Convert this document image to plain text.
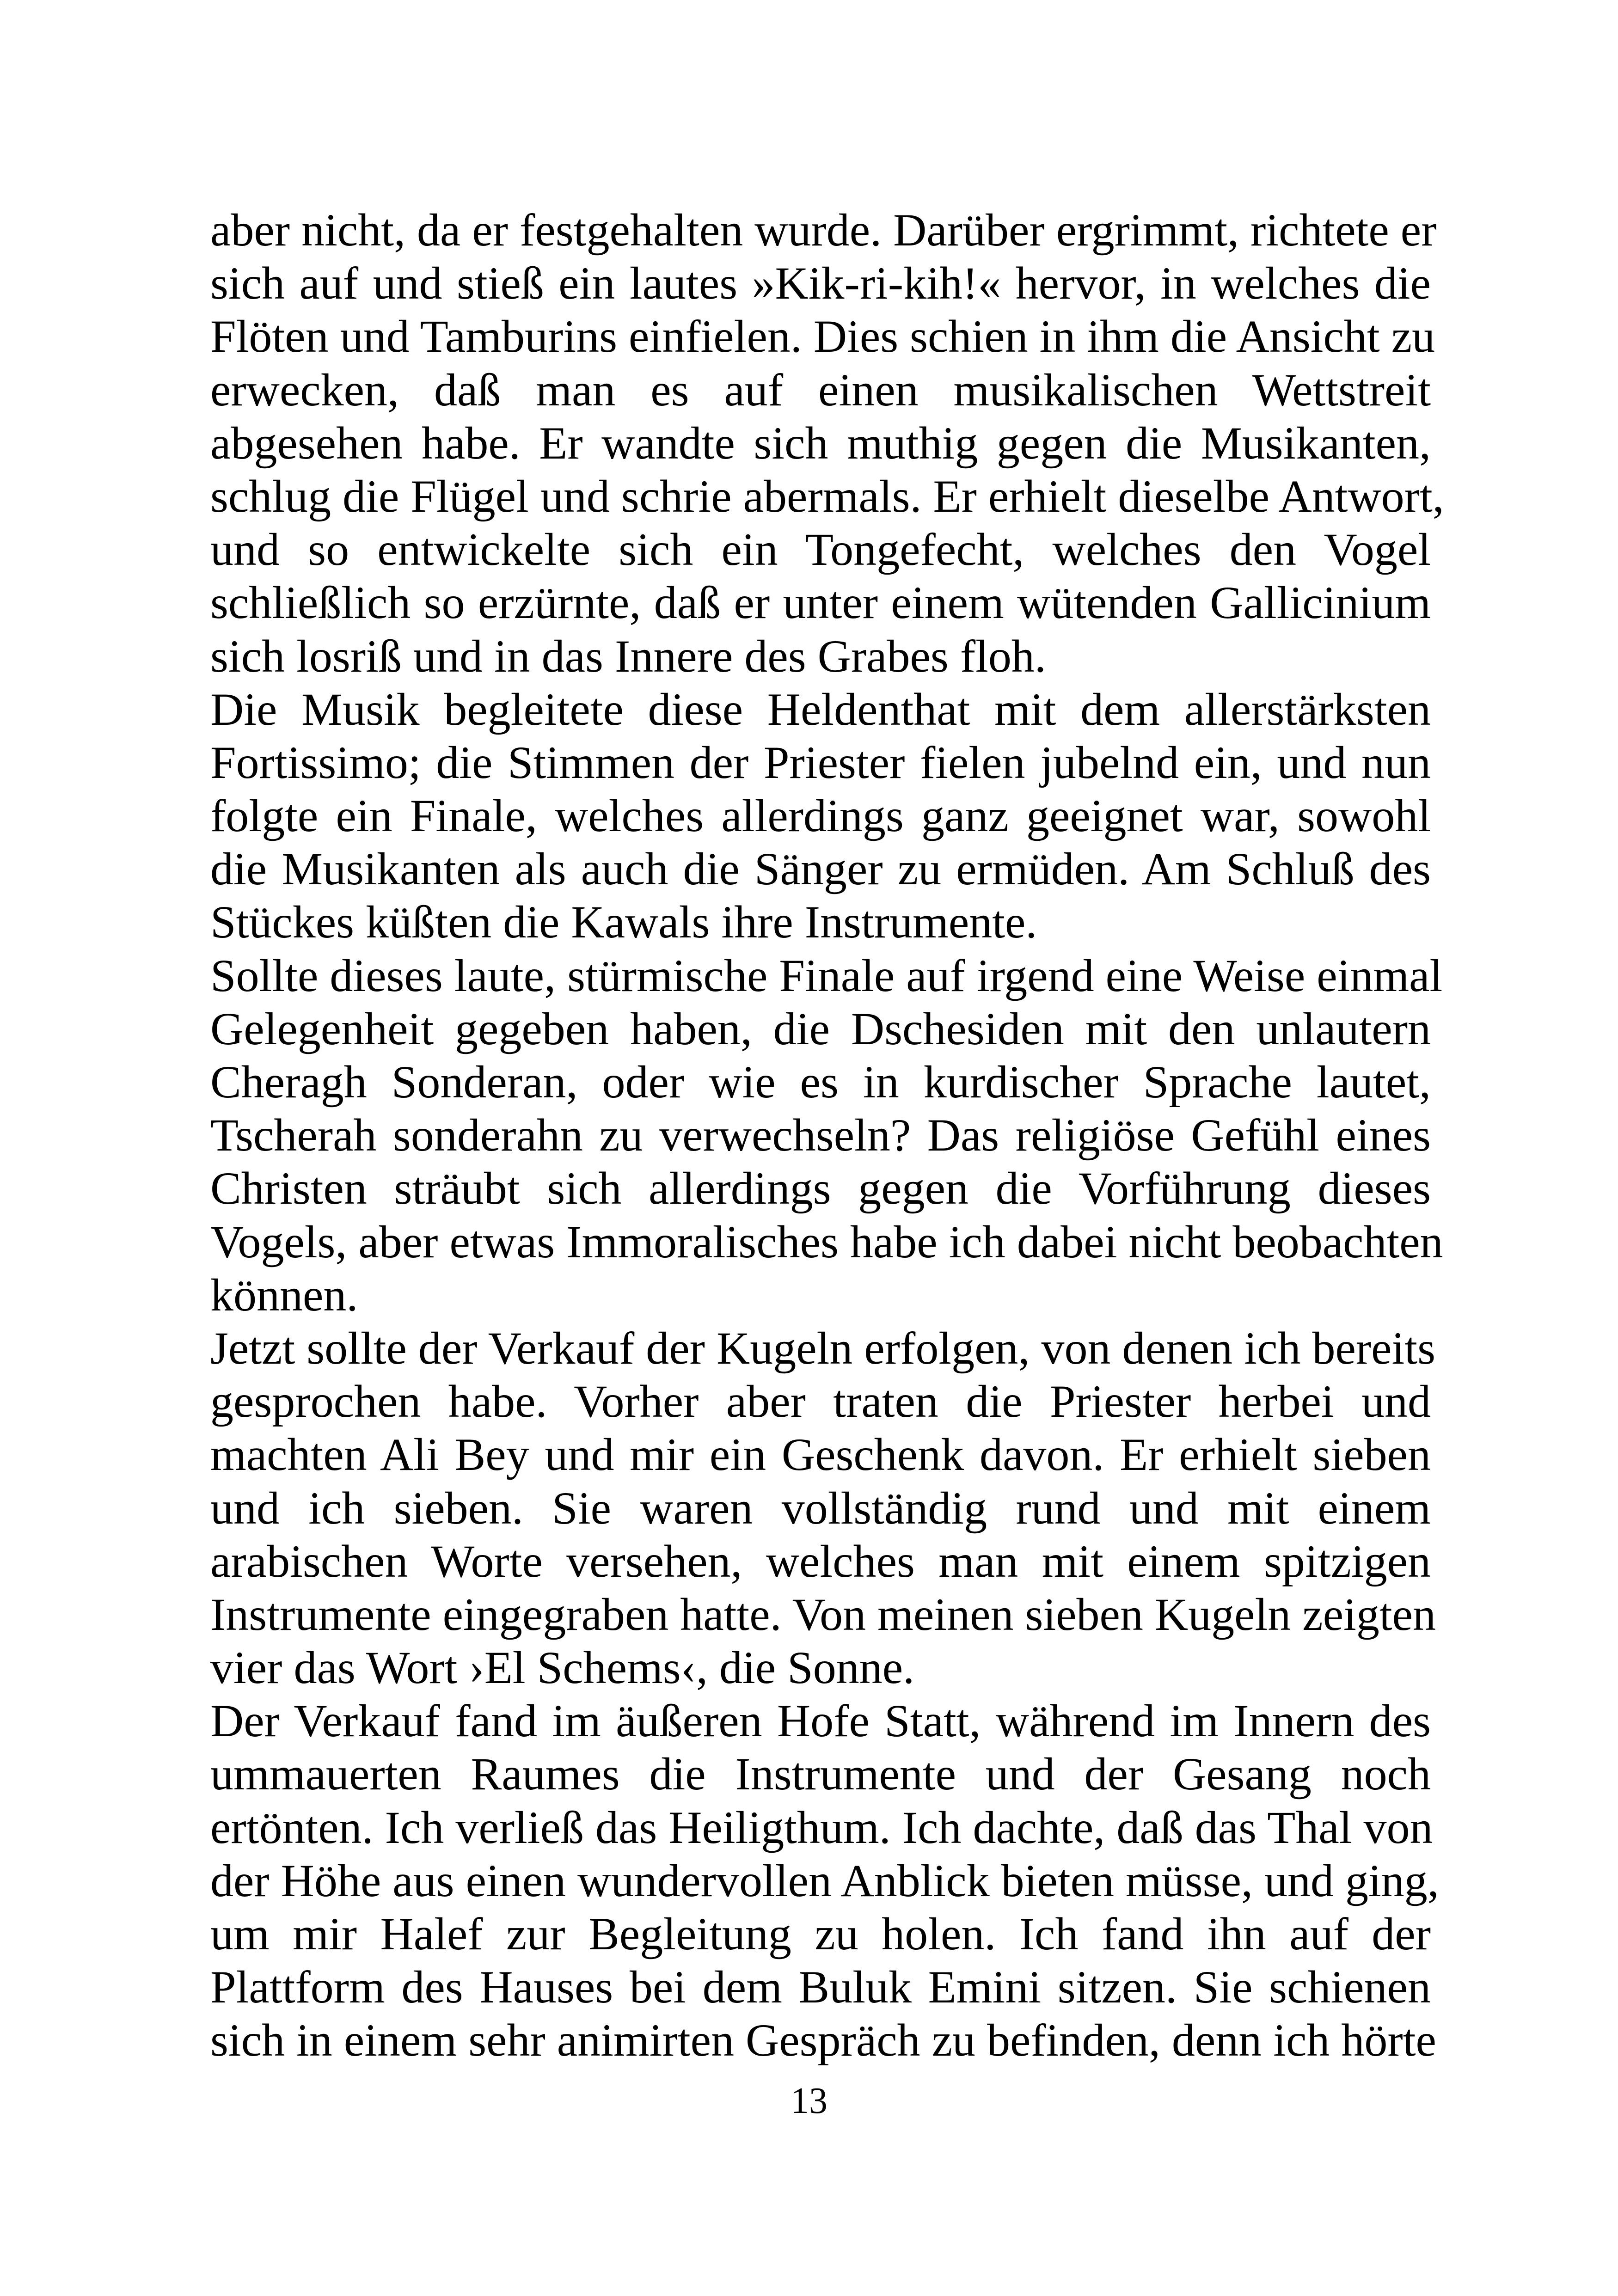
aber nicht, da er festgehalten wurde. Darüber ergrimmt, richtete er
sich auf und stieß ein lautes »Kik-ri-kih!« hervor, in welches die
Flöten und Tamburins einfielen. Dies schien in ihm die Ansicht zu
erwecken, daß man es auf einen musikalischen Wettstreit
abgesehen habe. Er wandte sich muthig gegen die Musikanten,
schlug die Flügel und schrie abermals. Er erhielt dieselbe Antwort,
und so entwickelte sich ein Tongefecht, welches den Vogel
schließlich so erzürnte, daß er unter einem wütenden Gallicinium
sich losriß und in das Innere des Grabes floh.

Die Musik begleitete diese Heldenthat mit dem allerstärksten
Fortissimo; die Stimmen der Priester fielen jubelnd ein, und nun
folgte ein Finale, welches allerdings ganz geeignet war, sowohl
die Musikanten als auch die Sänger zu ermüden. Am Schluß des
Stückes küßten die Kawals ihre Instrumente.

Sollte dieses laute, stürmische Finale auf irgend eine Weise einmal
Gelegenheit gegeben haben, die Dschesiden mit den unlautern
Cheragh Sonderan, oder wie es in kurdischer Sprache lautet,
Tscherah sonderahn zu verwechseln? Das religiöse Gefühl eines
Christen sträubt sich allerdings gegen die Vorführung dieses
Vogels, aber etwas Immoralisches habe ich dabei nicht beobachten
können.

Jetzt sollte der Verkauf der Kugeln erfolgen, von denen ich bereits
gesprochen habe. Vorher aber traten die Priester herbei und
machten Ali Bey und mir ein Geschenk davon. Er erhielt sieben
und ich sieben. Sie waren vollständig rund und mit einem
arabischen Worte versehen, welches man mit einem spitzigen
Instrumente eingegraben hatte. Von meinen sieben Kugeln zeigten
vier das Wort ›El Schems‹, die Sonne.

Der Verkauf fand im äußeren Hofe Statt, während im Innern des
ummauerten Raumes die Instrumente und der Gesang noch
ertönten. Ich verließ das Heiligthum. Ich dachte, daß das Thal von
der Höhe aus einen wundervollen Anblick bieten müsse, und ging,
um mir Halef zur Begleitung zu holen. Ich fand ihn auf der
Plattform des Hauses bei dem Buluk Emini sitzen. Sie schienen
sich in einem sehr animirten Gespräch zu befinden, denn ich hörte

13
